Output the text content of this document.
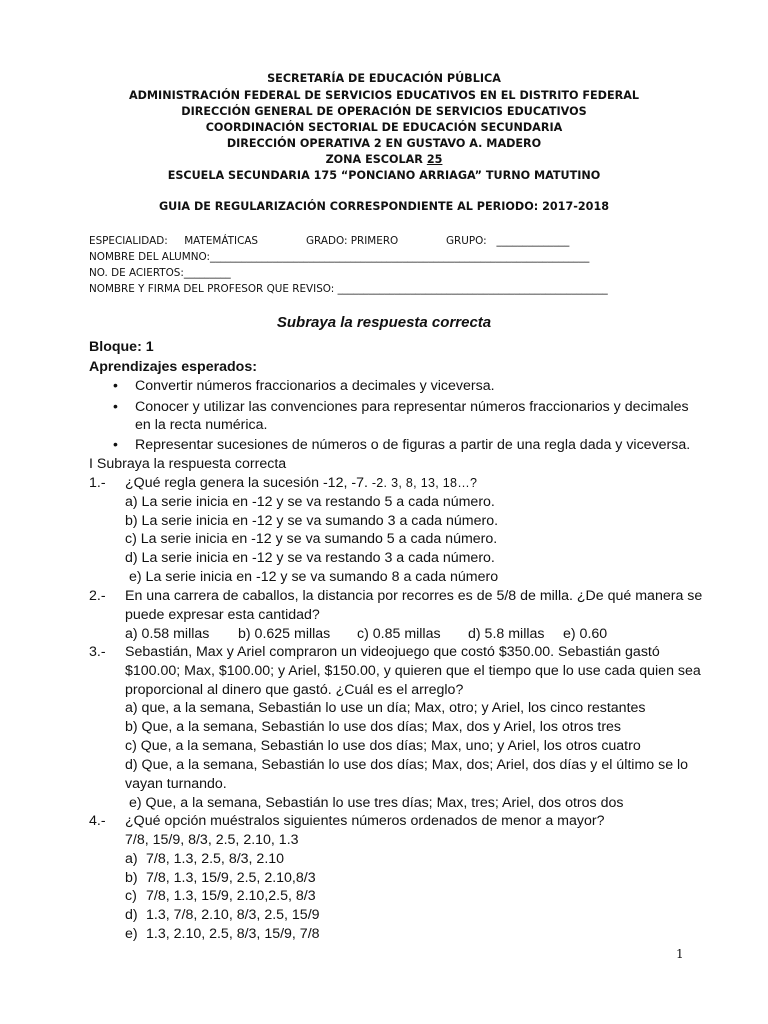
SECRETARÍA DE EDUCACIÓN PÚBLICA
ADMINISTRACIÓN FEDERAL DE SERVICIOS EDUCATIVOS EN EL DISTRITO FEDERAL
DIRECCIÓN GENERAL DE OPERACIÓN DE SERVICIOS EDUCATIVOS
COORDINACIÓN SECTORIAL DE EDUCACIÓN SECUNDARIA
DIRECCIÓN OPERATIVA 2 EN GUSTAVO A. MADERO
ZONA ESCOLAR 25
ESCUELA SECUNDARIA 175 “PONCIANO ARRIAGA” TURNO MATUTINO
GUIA DE REGULARIZACIÓN CORRESPONDIENTE AL PERIODO: 2017-2018
ESPECIALIDAD:     MATEMÁTICAS	GRADO: PRIMERO	GRUPO:   ______________
NOMBRE DEL ALUMNO:_________________________________________________________________________
NO. DE ACIERTOS:_________
NOMBRE Y FIRMA DEL PROFESOR QUE REVISO: ____________________________________________________
Subraya la respuesta correcta
Bloque: 1
Aprendizajes esperados:
• Convertir números fraccionarios a decimales y viceversa.
• Conocer y utilizar las convenciones para representar números fraccionarios y decimales
en la recta numérica.
• Representar sucesiones de números o de figuras a partir de una regla dada y viceversa.
I Subraya la respuesta correcta
1.- ¿Qué regla genera la sucesión -12, -7. -2. 3, 8, 13, 18…?
a) La serie inicia en -12 y se va restando 5 a cada número.
b) La serie inicia en -12 y se va sumando 3 a cada número.
c) La serie inicia en -12 y se va sumando 5 a cada número.
d) La serie inicia en -12 y se va restando 3 a cada número.
e) La serie inicia en -12 y se va sumando 8 a cada número
2.- En una carrera de caballos, la distancia por recorres es de 5/8 de milla. ¿De qué manera se
puede expresar esta cantidad?
a) 0.58 millas b) 0.625 millas c) 0.85 millas d) 5.8 millas e) 0.60
3.- Sebastián, Max y Ariel compraron un videojuego que costó $350.00. Sebastián gastó
$100.00; Max, $100.00; y Ariel, $150.00, y quieren que el tiempo que lo use cada quien sea
proporcional al dinero que gastó. ¿Cuál es el arreglo?
a) que, a la semana, Sebastián lo use un día; Max, otro; y Ariel, los cinco restantes
b) Que, a la semana, Sebastián lo use dos días; Max, dos y Ariel, los otros tres
c) Que, a la semana, Sebastián lo use dos días; Max, uno; y Ariel, los otros cuatro
d) Que, a la semana, Sebastián lo use dos días; Max, dos; Ariel, dos días y el último se lo
vayan turnando.
e) Que, a la semana, Sebastián lo use tres días; Max, tres; Ariel, dos otros dos
4.- ¿Qué opción muéstralos siguientes números ordenados de menor a mayor?
7/8, 15/9, 8/3, 2.5, 2.10, 1.3
a) 7/8, 1.3, 2.5, 8/3, 2.10
b) 7/8, 1.3, 15/9, 2.5, 2.10,8/3
c) 7/8, 1.3, 15/9, 2.10,2.5, 8/3
d) 1.3, 7/8, 2.10, 8/3, 2.5, 15/9
e) 1.3, 2.10, 2.5, 8/3, 15/9, 7/8
1
